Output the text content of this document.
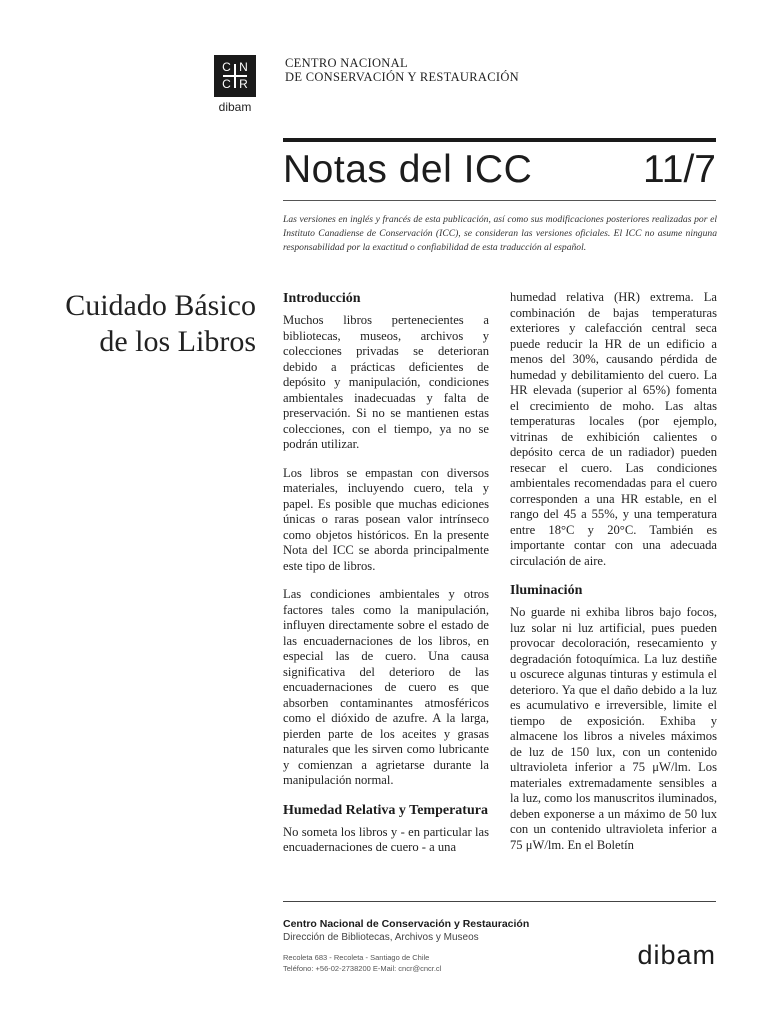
C N
C R
dibam
CENTRO NACIONAL
DE CONSERVACIÓN Y RESTAURACIÓN
Notas del ICC	11/7
Las versiones en inglés y francés de esta publicación, así como sus modificaciones posteriores realizadas por el Instituto Canadiense de Conservación (ICC), se consideran las versiones oficiales. El ICC no asume ninguna responsabilidad por la exactitud o confiabilidad de esta traducción al español.
Cuidado Básico
de los Libros
Introducción

Muchos libros pertenecientes a bibliotecas, museos, archivos y colecciones privadas se deterioran debido a prácticas deficientes de depósito y manipulación, condiciones ambientales inadecuadas y falta de preservación. Si no se mantienen estas colecciones, con el tiempo, ya no se podrán utilizar.

Los libros se empastan con diversos materiales, incluyendo cuero, tela y papel. Es posible que muchas ediciones únicas o raras posean valor intrínseco como objetos históricos. En la presente Nota del ICC se aborda principalmente este tipo de libros.

Las condiciones ambientales y otros factores tales como la manipulación, influyen directamente sobre el estado de las encuadernaciones de los libros, en especial las de cuero. Una causa significativa del deterioro de las encuadernaciones de cuero es que absorben contaminantes atmosféricos como el dióxido de azufre. A la larga, pierden parte de los aceites y grasas naturales que les sirven como lubricante y comienzan a agrietarse durante la manipulación normal.

Humedad Relativa y Temperatura

No someta los libros y - en particular las encuadernaciones de cuero - a una

humedad relativa (HR) extrema. La combinación de bajas temperaturas exteriores y calefacción central seca puede reducir la HR de un edificio a menos del 30%, causando pérdida de humedad y debilitamiento del cuero. La HR elevada (superior al 65%) fomenta el crecimiento de moho. Las altas temperaturas locales (por ejemplo, vitrinas de exhibición calientes o depósito cerca de un radiador) pueden resecar el cuero. Las condiciones ambientales recomendadas para el cuero corresponden a una HR estable, en el rango del 45 a 55%, y una temperatura entre 18°C y 20°C. También es importante contar con una adecuada circulación de aire.

Iluminación

No guarde ni exhiba libros bajo focos, luz solar ni luz artificial, pues pueden provocar decoloración, resecamiento y degradación fotoquímica. La luz destiñe u oscurece algunas tinturas y estimula el deterioro. Ya que el daño debido a la luz es acumulativo e irreversible, limite el tiempo de exposición. Exhiba y almacene los libros a niveles máximos de luz de 150 lux, con un contenido ultravioleta inferior a 75 μW/lm. Los materiales extremadamente sensibles a la luz, como los manuscritos iluminados, deben exponerse a un máximo de 50 lux con un contenido ultravioleta inferior a 75 μW/lm. En el Boletín

Centro Nacional de Conservación y Restauración
Dirección de Bibliotecas, Archivos y Museos
Recoleta 683 - Recoleta - Santiago de Chile
Teléfono: +56-02-2738200 E-Mail: cncr@cncr.cl	dibam
